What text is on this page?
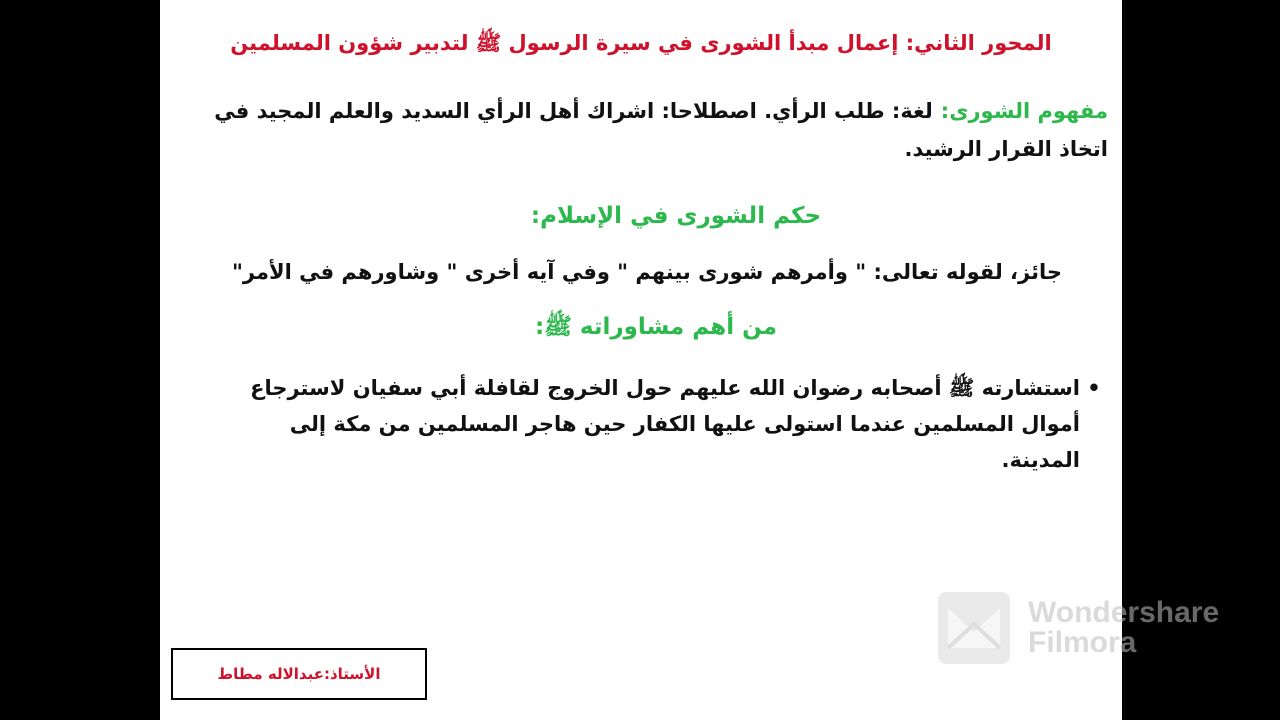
المحور الثاني: إعمال مبدأ الشورى في سيرة الرسول ﷺ لتدبير شؤون المسلمين
مفهوم الشورى:لغة: طلب الرأي. اصطلاحا: اشراك أهل الرأي السديد والعلم المجيد في اتخاذ القرار الرشيد.
حكم الشورى في الإسلام:
جائز، لقوله تعالى: " وأمرهم شورى بينهم " وفي آيه أخرى " وشاورهم في الأمر"
من أهم مشاوراته ﷺ:
•
استشارته ﷺ أصحابه رضوان الله عليهم حول الخروج لقافلة أبي سفيان لاسترجاع أموال المسلمين عندما استولى عليها الكفار حين هاجر المسلمين من مكة إلى المدينة.
الأستاذ:عبدالاله مطاط
Wondershare
Filmora
